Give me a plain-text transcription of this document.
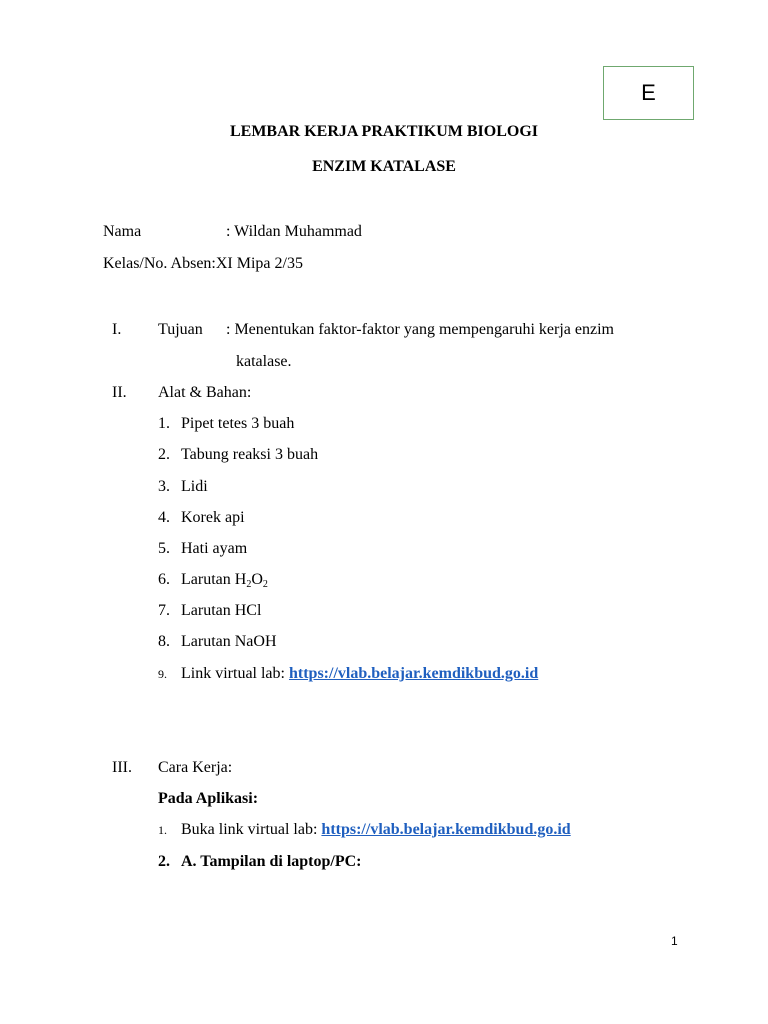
E
LEMBAR KERJA PRAKTIKUM BIOLOGI
ENZIM KATALASE
Nama	: Wildan Muhammad
Kelas/No. Absen:XI Mipa 2/35
I. Tujuan : Menentukan faktor-faktor yang mempengaruhi kerja enzim
katalase.
II. Alat & Bahan:
1. Pipet tetes 3 buah
2. Tabung reaksi 3 buah
3. Lidi
4. Korek api
5. Hati ayam
6. Larutan $H_2O_2$
7. Larutan HCl
8. Larutan NaOH
9. Link virtual lab: https://vlab.belajar.kemdikbud.go.id
III. Cara Kerja:
Pada Aplikasi:
1. Buka link virtual lab: https://vlab.belajar.kemdikbud.go.id
2. A. Tampilan di laptop/PC:
1
